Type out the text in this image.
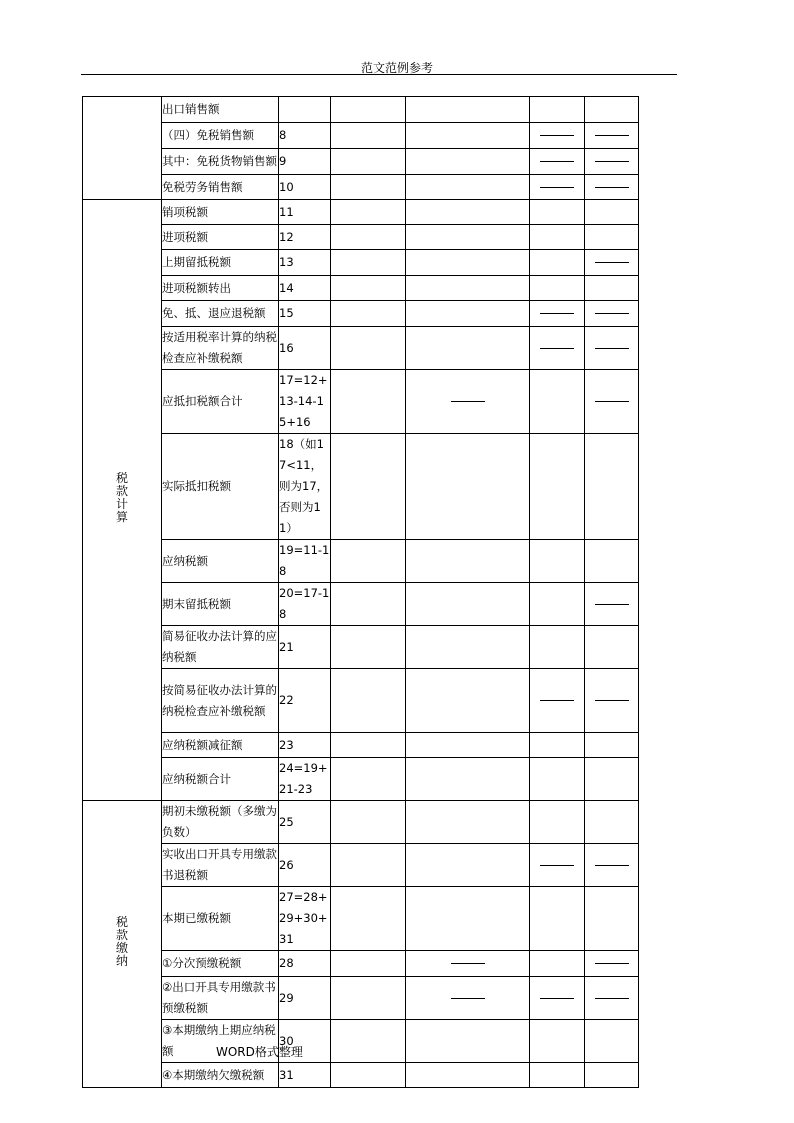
范文范例参考
	出口销售额					
	（四）免税销售额	8				
	其中：免税货物销售额	9				
	免税劳务销售额	10				
税款计算	销项税额	11				
	进项税额	12				
	上期留抵税额	13				
	进项税额转出	14				
	免、抵、退应退税额	15				
	按适用税率计算的纳税检查应补缴税额	16				
	应抵扣税额合计	17=12+13-14-15+16				
	实际抵扣税额	18（如17<11，则为17，否则为11）				
	应纳税额	19=11-18				
	期末留抵税额	20=17-18				
	简易征收办法计算的应纳税额	21				
	按简易征收办法计算的纳税检查应补缴税额	22				
	应纳税额减征额	23				
	应纳税额合计	24=19+21-23				
税款缴纳	期初未缴税额（多缴为负数）	25				
	实收出口开具专用缴款书退税额	26				
	本期已缴税额	27=28+29+30+31				
	①分次预缴税额	28				
	②出口开具专用缴款书预缴税额	29				
	③本期缴纳上期应纳税额	30				
	④本期缴纳欠缴税额	31				
WORD格式整理
